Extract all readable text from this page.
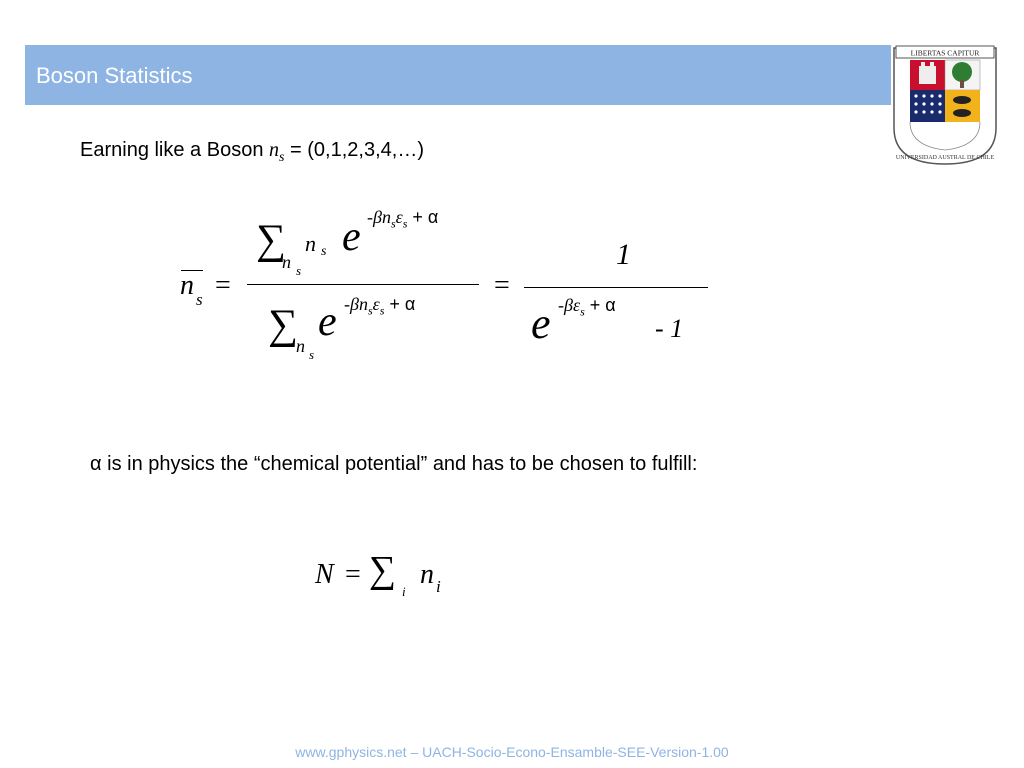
Boson Statistics
LIBERTAS CAPITUR
UNIVERSIDAD AUSTRAL DE CHILE
Earning like a Boson $n_s$ = (0,1,2,3,4,…)
n s =
∑
n s
n s e $-\beta n_s\varepsilon_s + \alpha$
∑
n s
e $-\beta n_s\varepsilon_s + \alpha$
=
1
e $-\beta\varepsilon_s + \alpha$
- 1
α is in physics the “chemical potential” and has to be chosen to fulfill:
N = ∑
i
n i
www.gphysics.net – UACH-Socio-Econo-Ensamble-SEE-Version-1.00
